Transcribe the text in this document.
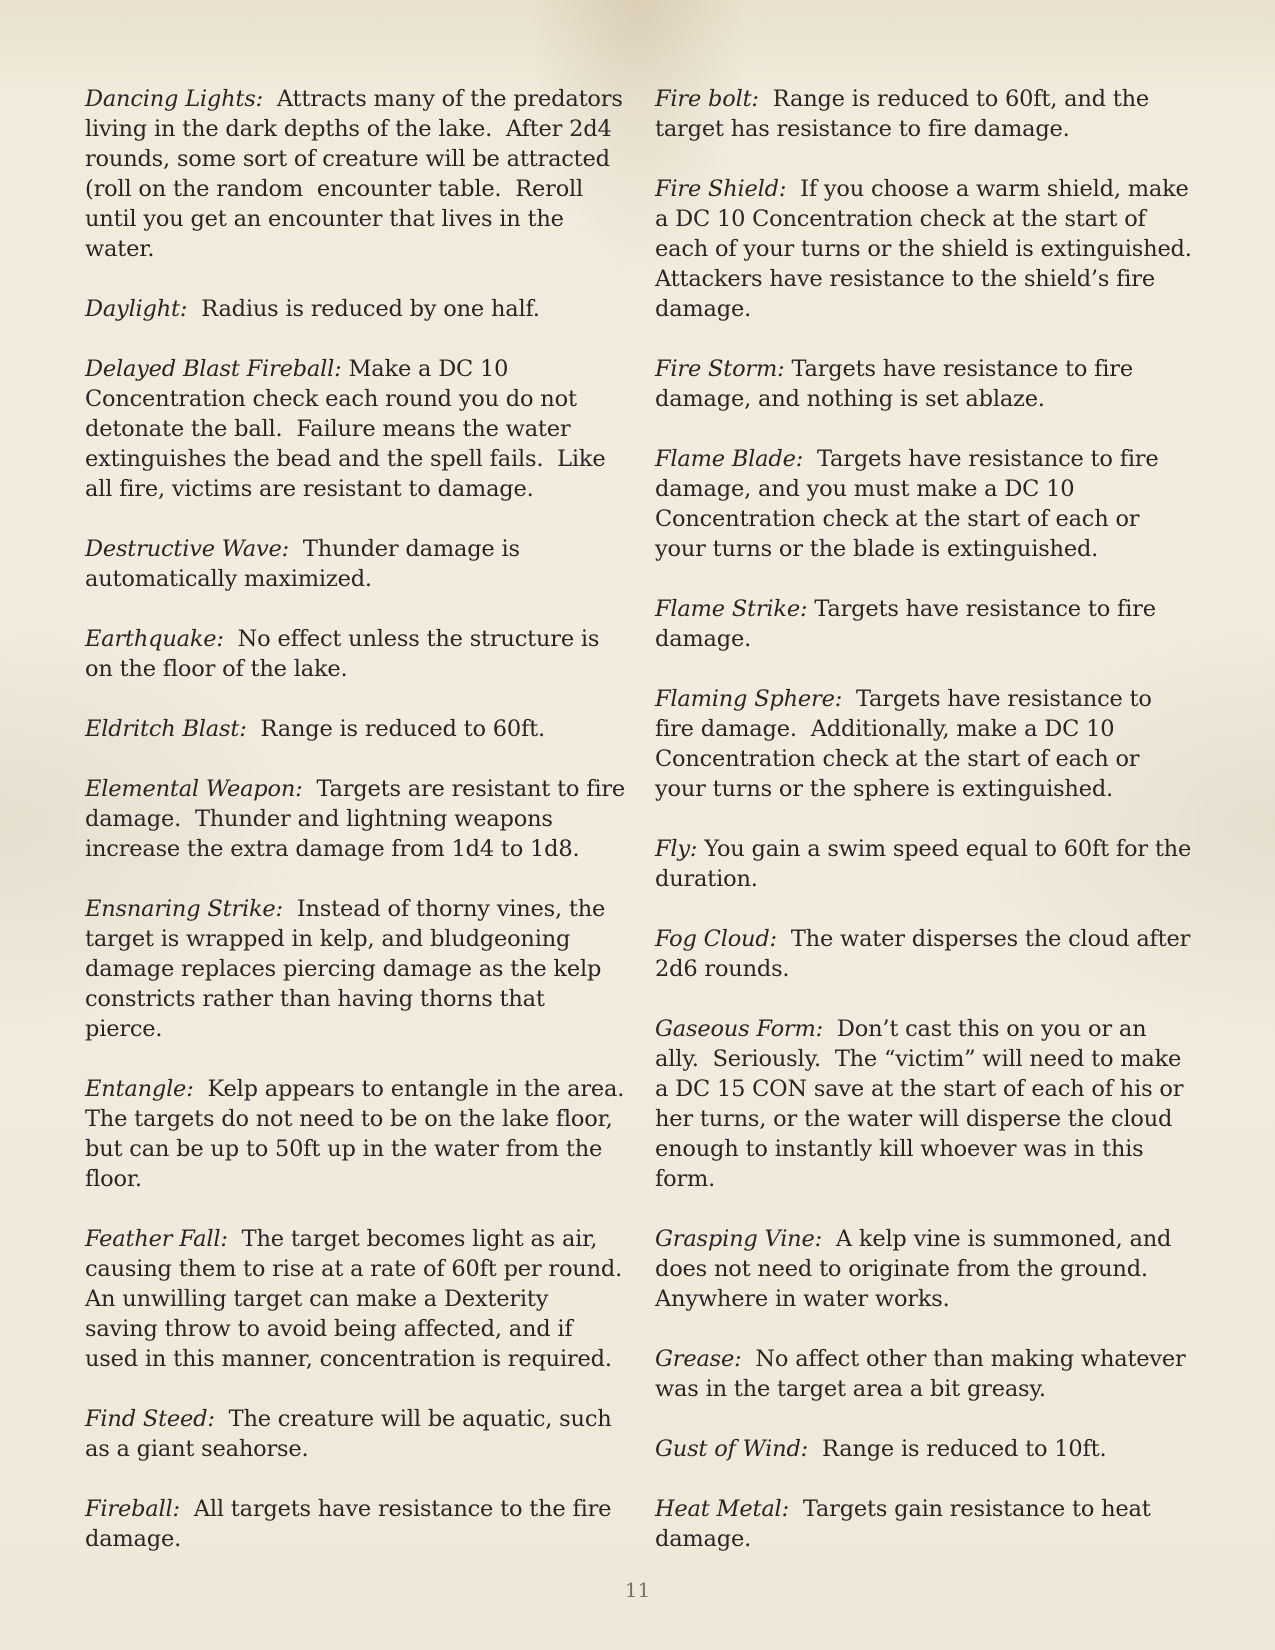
Dancing Lights:  Attracts many of the predators living in the dark depths of the lake.  After 2d4 rounds, some sort of creature will be attracted (roll on the random  encounter table.  Reroll until you get an encounter that lives in the water.

Daylight:  Radius is reduced by one half.

Delayed Blast Fireball: Make a DC 10 Concentration check each round you do not detonate the ball.  Failure means the water extinguishes the bead and the spell fails.  Like all fire, victims are resistant to damage.

Destructive Wave:  Thunder damage is automatically maximized.

Earthquake:  No effect unless the structure is on the floor of the lake.

Eldritch Blast:  Range is reduced to 60ft.

Elemental Weapon:  Targets are resistant to fire damage.  Thunder and lightning weapons increase the extra damage from 1d4 to 1d8.

Ensnaring Strike:  Instead of thorny vines, the target is wrapped in kelp, and bludgeoning damage replaces piercing damage as the kelp constricts rather than having thorns that pierce.

Entangle:  Kelp appears to entangle in the area.  The targets do not need to be on the lake floor, but can be up to 50ft up in the water from the floor.

Feather Fall:  The target becomes light as air, causing them to rise at a rate of 60ft per round.  An unwilling target can make a Dexterity saving throw to avoid being affected, and if used in this manner, concentration is required.

Find Steed:  The creature will be aquatic, such as a giant seahorse.

Fireball:  All targets have resistance to the fire damage.

Fire bolt:  Range is reduced to 60ft, and the target has resistance to fire damage.

Fire Shield:  If you choose a warm shield, make a DC 10 Concentration check at the start of each of your turns or the shield is extinguished.  Attackers have resistance to the shield’s fire damage.

Fire Storm: Targets have resistance to fire damage, and nothing is set ablaze.

Flame Blade:  Targets have resistance to fire damage, and you must make a DC 10 Concentration check at the start of each or your turns or the blade is extinguished.

Flame Strike: Targets have resistance to fire damage.

Flaming Sphere:  Targets have resistance to fire damage.  Additionally, make a DC 10 Concentration check at the start of each or your turns or the sphere is extinguished.

Fly: You gain a swim speed equal to 60ft for the duration.

Fog Cloud:  The water disperses the cloud after 2d6 rounds.

Gaseous Form:  Don’t cast this on you or an ally.  Seriously.  The “victim” will need to make a DC 15 CON save at the start of each of his or her turns, or the water will disperse the cloud enough to instantly kill whoever was in this form.

Grasping Vine:  A kelp vine is summoned, and does not need to originate from the ground.  Anywhere in water works.

Grease:  No affect other than making whatever was in the target area a bit greasy.

Gust of Wind:  Range is reduced to 10ft.

Heat Metal:  Targets gain resistance to heat damage.

11
